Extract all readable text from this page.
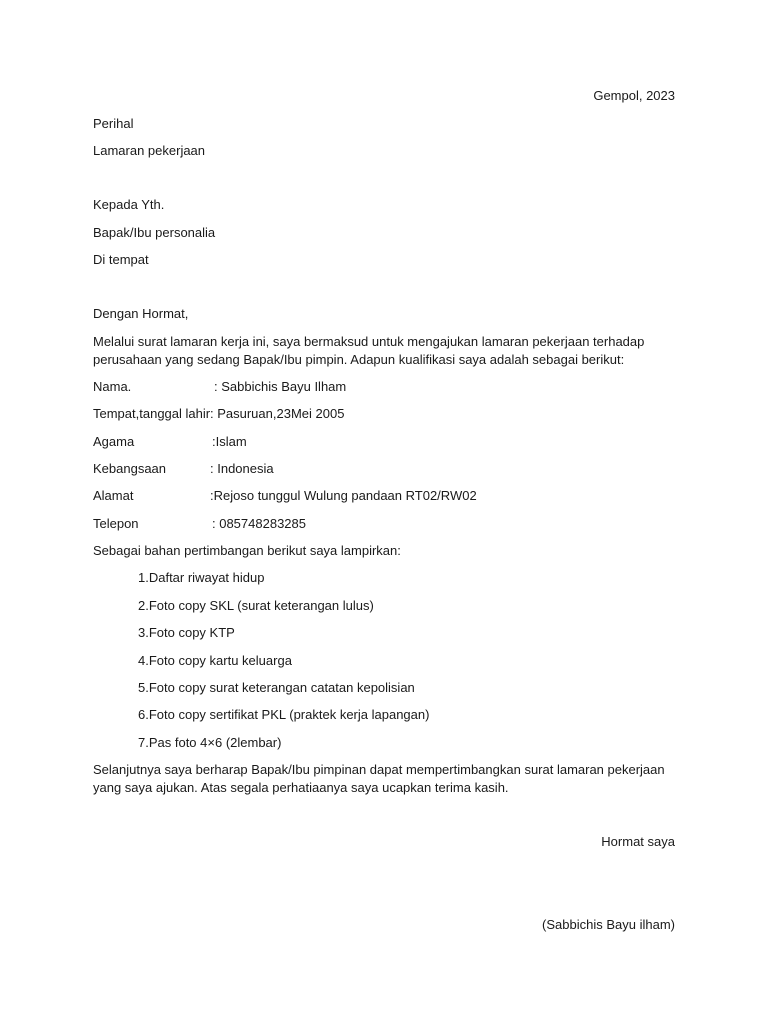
Gempol, 2023
Perihal
Lamaran pekerjaan
Kepada Yth.
Bapak/Ibu personalia
Di tempat
Dengan Hormat,
Melalui surat lamaran kerja ini, saya bermaksud untuk mengajukan lamaran pekerjaan terhadap
perusahaan yang sedang Bapak/Ibu pimpin. Adapun kualifikasi saya adalah sebagai berikut:
Nama.	: Sabbichis Bayu Ilham
Tempat,tanggal lahir : Pasuruan,23Mei 2005
Agama	:Islam
Kebangsaan	: Indonesia
Alamat	:Rejoso tunggul Wulung pandaan RT02/RW02
Telepon	: 085748283285
Sebagai bahan pertimbangan berikut saya lampirkan:
1.Daftar riwayat hidup
2.Foto copy SKL (surat keterangan lulus)
3.Foto copy KTP
4.Foto copy kartu keluarga
5.Foto copy surat keterangan catatan kepolisian
6.Foto copy sertifikat PKL (praktek kerja lapangan)
7.Pas foto 4×6 (2lembar)
Selanjutnya saya berharap Bapak/Ibu pimpinan dapat mempertimbangkan surat lamaran pekerjaan
yang saya ajukan. Atas segala perhatiaanya saya ucapkan terima kasih.
Hormat saya
(Sabbichis Bayu ilham)
